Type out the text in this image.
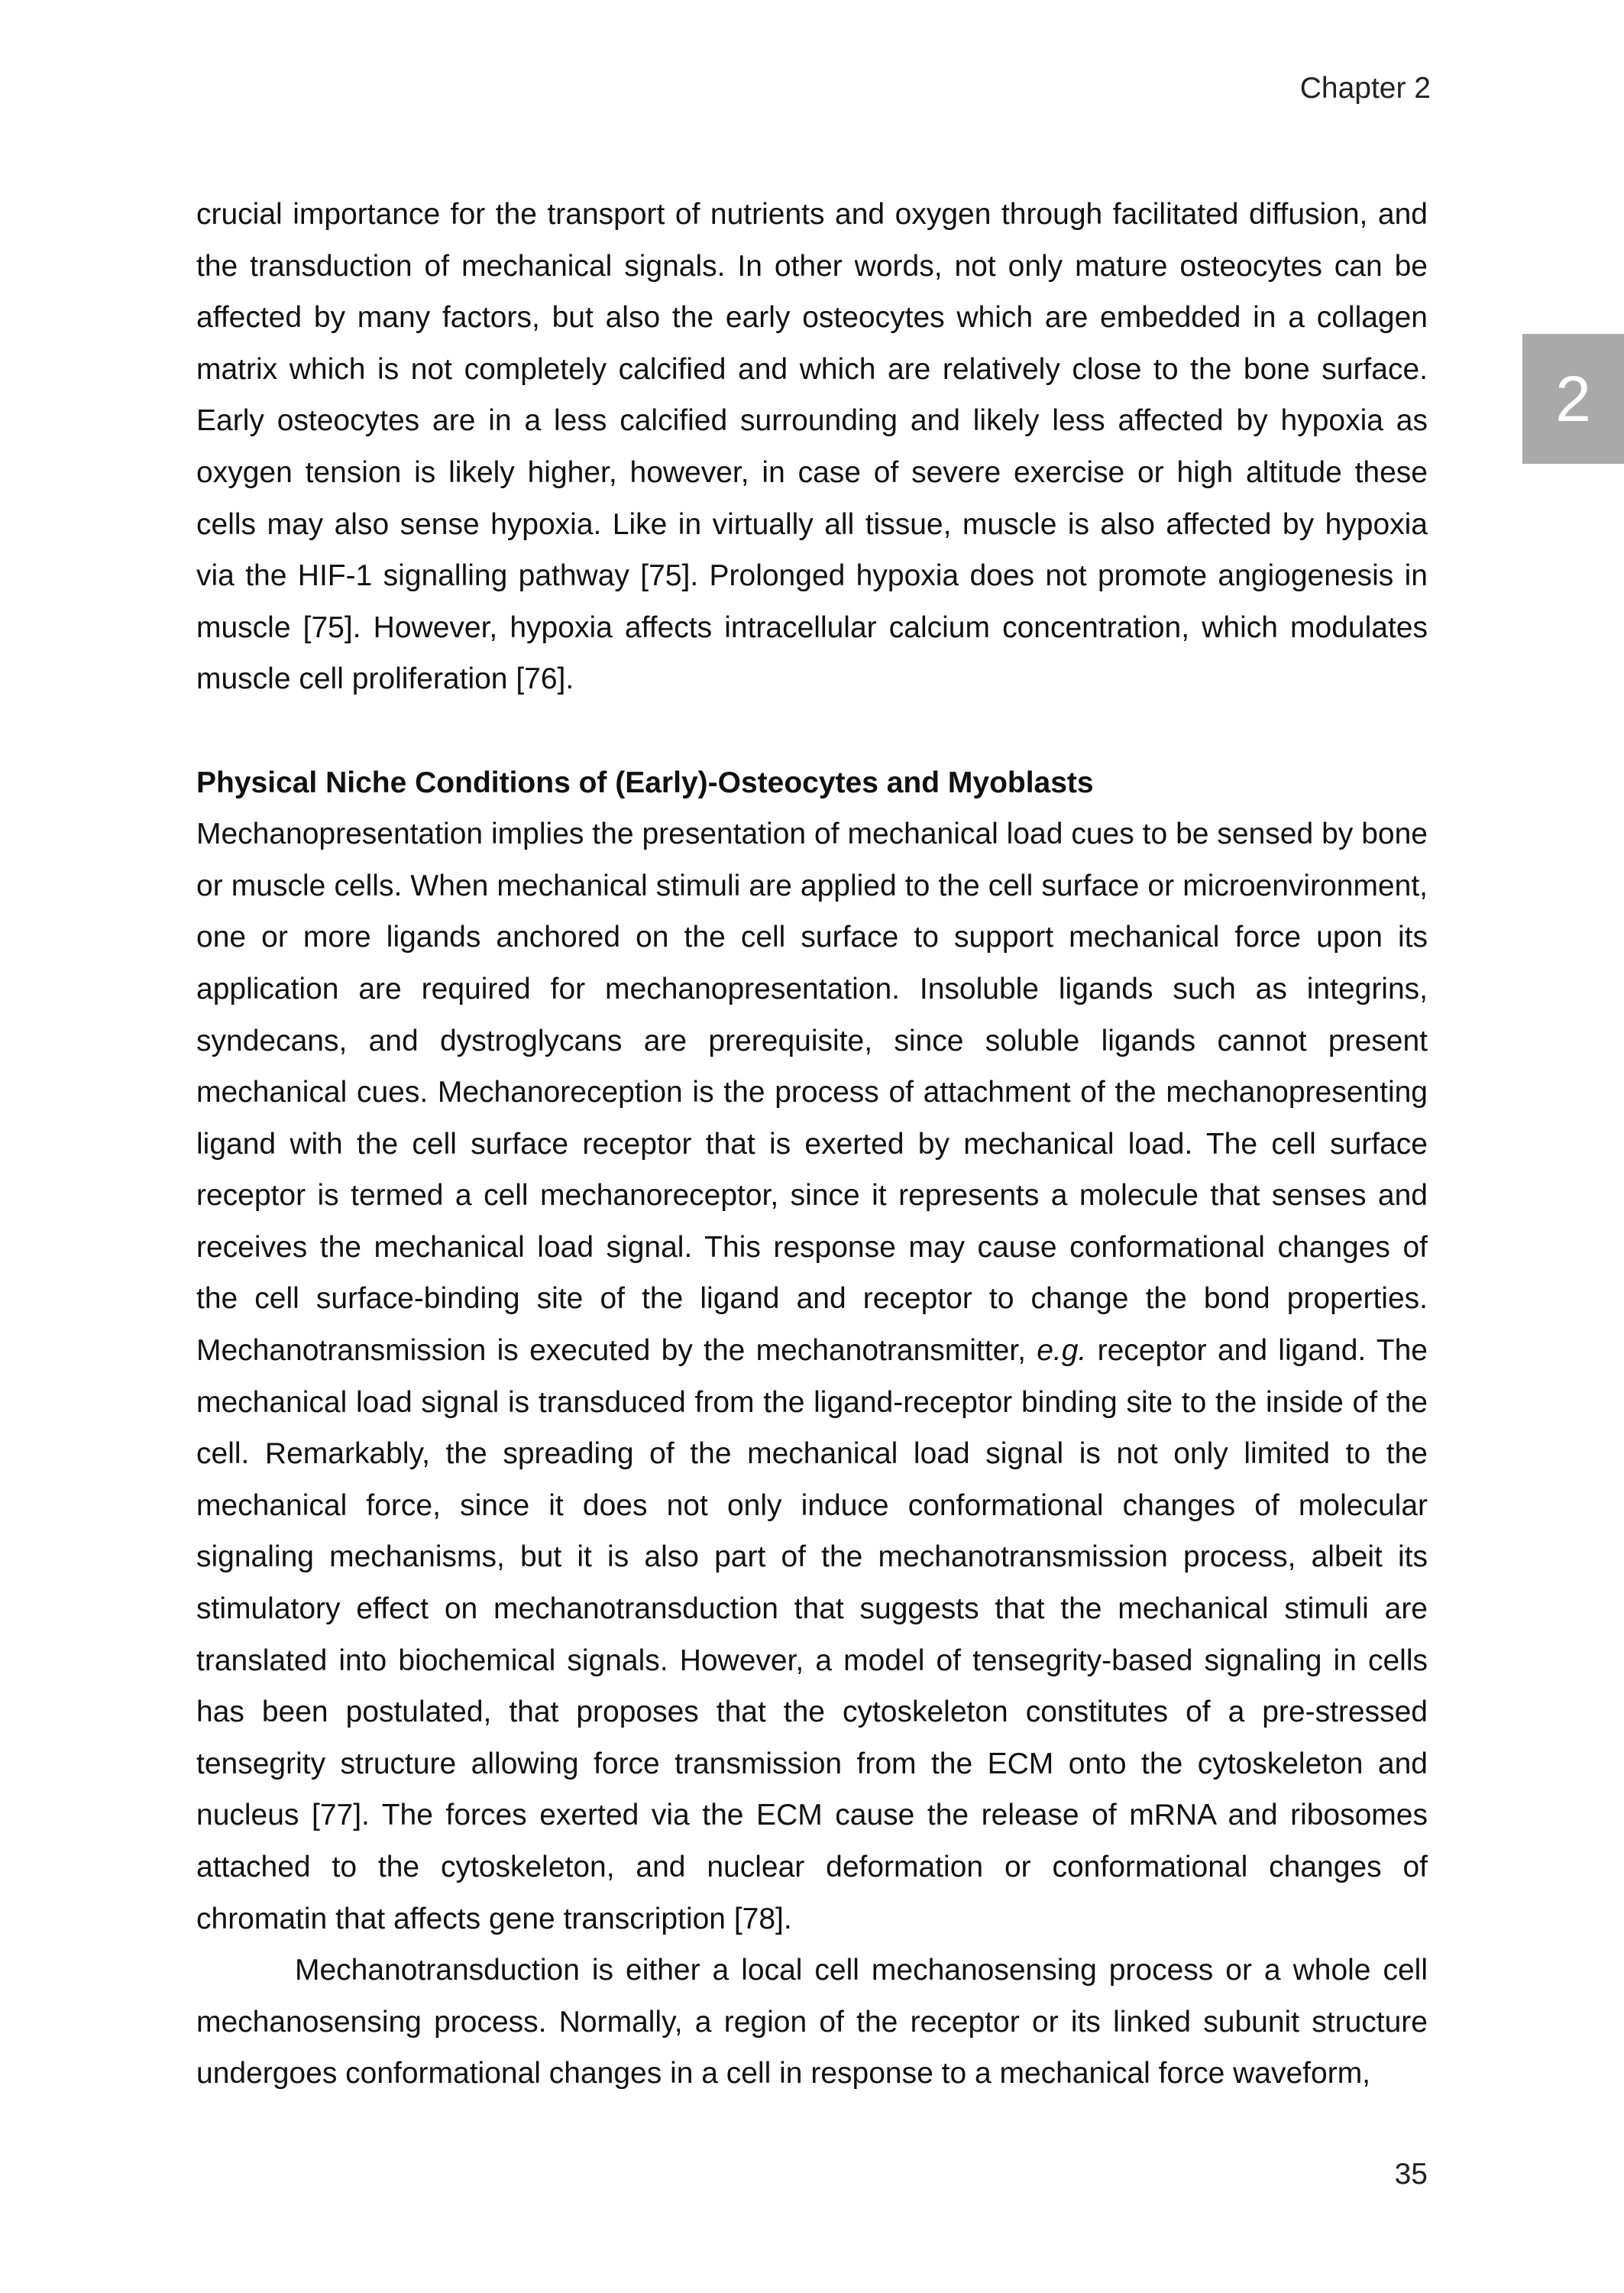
Chapter 2
2

crucial importance for the transport of nutrients and oxygen through facilitated diffusion, and the transduction of mechanical signals. In other words, not only mature osteocytes can be affected by many factors, but also the early osteocytes which are embedded in a collagen matrix which is not completely calcified and which are relatively close to the bone surface. Early osteocytes are in a less calcified surrounding and likely less affected by hypoxia as oxygen tension is likely higher, however, in case of severe exercise or high altitude these cells may also sense hypoxia. Like in virtually all tissue, muscle is also affected by hypoxia via the HIF-1 signalling pathway [75]. Prolonged hypoxia does not promote angiogenesis in muscle [75]. However, hypoxia affects intracellular calcium concentration, which modulates muscle cell proliferation [76].

Physical Niche Conditions of (Early)-Osteocytes and Myoblasts

Mechanopresentation implies the presentation of mechanical load cues to be sensed by bone or muscle cells. When mechanical stimuli are applied to the cell surface or microenvironment, one or more ligands anchored on the cell surface to support mechanical force upon its application are required for mechanopresentation. Insoluble ligands such as integrins, syndecans, and dystroglycans are prerequisite, since soluble ligands cannot present mechanical cues. Mechanoreception is the process of attachment of the mechanopresenting ligand with the cell surface receptor that is exerted by mechanical load. The cell surface receptor is termed a cell mechanoreceptor, since it represents a molecule that senses and receives the mechanical load signal. This response may cause conformational changes of the cell surface-binding site of the ligand and receptor to change the bond properties. Mechanotransmission is executed by the mechanotransmitter, e.g. receptor and ligand. The mechanical load signal is transduced from the ligand-receptor binding site to the inside of the cell. Remarkably, the spreading of the mechanical load signal is not only limited to the mechanical force, since it does not only induce conformational changes of molecular signaling mechanisms, but it is also part of the mechanotransmission process, albeit its stimulatory effect on mechanotransduction that suggests that the mechanical stimuli are translated into biochemical signals. However, a model of tensegrity-based signaling in cells has been postulated, that proposes that the cytoskeleton constitutes of a pre-stressed tensegrity structure allowing force transmission from the ECM onto the cytoskeleton and nucleus [77]. The forces exerted via the ECM cause the release of mRNA and ribosomes attached to the cytoskeleton, and nuclear deformation or conformational changes of chromatin that affects gene transcription [78].

Mechanotransduction is either a local cell mechanosensing process or a whole cell mechanosensing process. Normally, a region of the receptor or its linked subunit structure undergoes conformational changes in a cell in response to a mechanical force waveform,

35
